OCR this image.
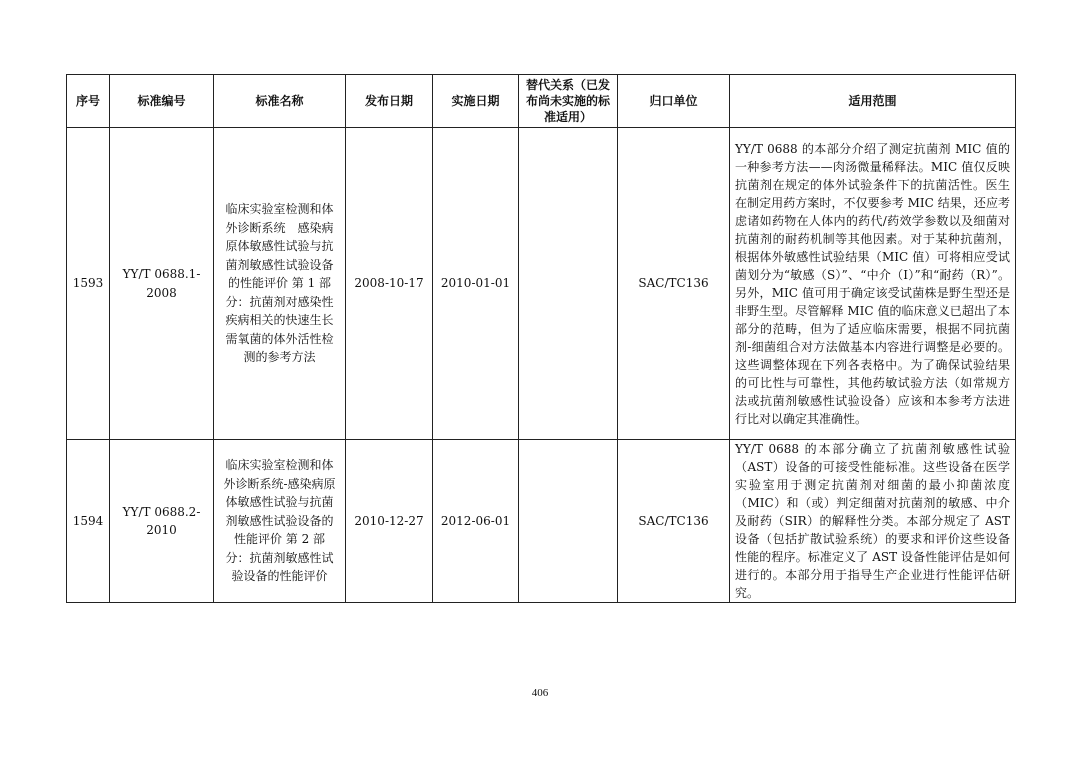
序号	标准编号	标准名称	发布日期	实施日期	替代关系（已发布尚未实施的标准适用）	归口单位	适用范围
1593	YY/T 0688.1-2008	临床实验室检测和体外诊断系统　感染病原体敏感性试验与抗菌剂敏感性试验设备的性能评价 第 1 部分：抗菌剂对感染性疾病相关的快速生长需氧菌的体外活性检测的参考方法	2008-10-17	2010-01-01		SAC/TC136	YY/T 0688 的本部分介绍了测定抗菌剂 MIC 值的一种参考方法——肉汤微量稀释法。MIC 值仅反映抗菌剂在规定的体外试验条件下的抗菌活性。医生在制定用药方案时，不仅要参考 MIC 结果，还应考虑诸如药物在人体内的药代/药效学参数以及细菌对抗菌剂的耐药机制等其他因素。对于某种抗菌剂，根据体外敏感性试验结果（MIC 值）可将相应受试菌划分为“敏感（S）”、“中介（I）”和“耐药（R）”。另外，MIC 值可用于确定该受试菌株是野生型还是非野生型。尽管解释 MIC 值的临床意义已超出了本部分的范畴，但为了适应临床需要，根据不同抗菌剂-细菌组合对方法做基本内容进行调整是必要的。这些调整体现在下列各表格中。为了确保试验结果的可比性与可靠性，其他药敏试验方法（如常规方法或抗菌剂敏感性试验设备）应该和本参考方法进行比对以确定其准确性。
1594	YY/T 0688.2-2010	临床实验室检测和体外诊断系统-感染病原体敏感性试验与抗菌剂敏感性试验设备的性能评价 第 2 部分：抗菌剂敏感性试验设备的性能评价	2010-12-27	2012-06-01		SAC/TC136	YY/T 0688 的本部分确立了抗菌剂敏感性试验（AST）设备的可接受性能标准。这些设备在医学实验室用于测定抗菌剂对细菌的最小抑菌浓度（MIC）和（或）判定细菌对抗菌剂的敏感、中介及耐药（SIR）的解释性分类。本部分规定了 AST 设备（包括扩散试验系统）的要求和评价这些设备性能的程序。标准定义了 AST 设备性能评估是如何进行的。本部分用于指导生产企业进行性能评估研究。
406
